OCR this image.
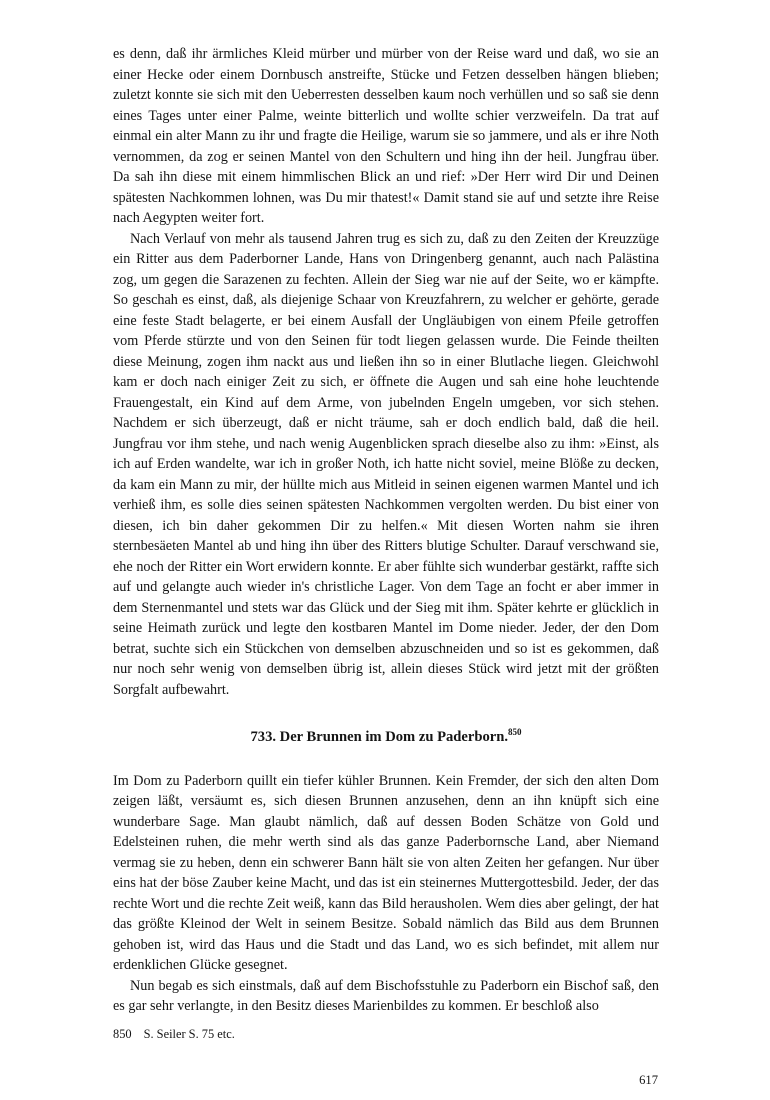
es denn, daß ihr ärmliches Kleid mürber und mürber von der Reise ward und daß, wo sie an einer Hecke oder einem Dornbusch anstreifte, Stücke und Fetzen desselben hängen blieben; zuletzt konnte sie sich mit den Ueberresten desselben kaum noch verhüllen und so saß sie denn eines Tages unter einer Palme, weinte bitterlich und wollte schier verzweifeln. Da trat auf einmal ein alter Mann zu ihr und fragte die Heilige, warum sie so jammere, und als er ihre Noth vernommen, da zog er seinen Mantel von den Schultern und hing ihn der heil. Jungfrau über. Da sah ihn diese mit einem himmlischen Blick an und rief: »Der Herr wird Dir und Deinen spätesten Nachkommen lohnen, was Du mir thatest!« Damit stand sie auf und setzte ihre Reise nach Aegypten weiter fort.

Nach Verlauf von mehr als tausend Jahren trug es sich zu, daß zu den Zeiten der Kreuzzüge ein Ritter aus dem Paderborner Lande, Hans von Dringenberg genannt, auch nach Palästina zog, um gegen die Sarazenen zu fechten. Allein der Sieg war nie auf der Seite, wo er kämpfte. So geschah es einst, daß, als diejenige Schaar von Kreuzfahrern, zu welcher er gehörte, gerade eine feste Stadt belagerte, er bei einem Ausfall der Ungläubigen von einem Pfeile getroffen vom Pferde stürzte und von den Seinen für todt liegen gelassen wurde. Die Feinde theilten diese Meinung, zogen ihm nackt aus und ließen ihn so in einer Blutlache liegen. Gleichwohl kam er doch nach einiger Zeit zu sich, er öffnete die Augen und sah eine hohe leuchtende Frauengestalt, ein Kind auf dem Arme, von jubelnden Engeln umgeben, vor sich stehen. Nachdem er sich überzeugt, daß er nicht träume, sah er doch endlich bald, daß die heil. Jungfrau vor ihm stehe, und nach wenig Augenblicken sprach dieselbe also zu ihm: »Einst, als ich auf Erden wandelte, war ich in großer Noth, ich hatte nicht soviel, meine Blöße zu decken, da kam ein Mann zu mir, der hüllte mich aus Mitleid in seinen eigenen warmen Mantel und ich verhieß ihm, es solle dies seinen spätesten Nachkommen vergolten werden. Du bist einer von diesen, ich bin daher gekommen Dir zu helfen.« Mit diesen Worten nahm sie ihren sternbesäeten Mantel ab und hing ihn über des Ritters blutige Schulter. Darauf verschwand sie, ehe noch der Ritter ein Wort erwidern konnte. Er aber fühlte sich wunderbar gestärkt, raffte sich auf und gelangte auch wieder in's christliche Lager. Von dem Tage an focht er aber immer in dem Sternenmantel und stets war das Glück und der Sieg mit ihm. Später kehrte er glücklich in seine Heimath zurück und legte den kostbaren Mantel im Dome nieder. Jeder, der den Dom betrat, suchte sich ein Stückchen von demselben abzuschneiden und so ist es gekommen, daß nur noch sehr wenig von demselben übrig ist, allein dieses Stück wird jetzt mit der größten Sorgfalt aufbewahrt.

733. Der Brunnen im Dom zu Paderborn.$^{850}$

Im Dom zu Paderborn quillt ein tiefer kühler Brunnen. Kein Fremder, der sich den alten Dom zeigen läßt, versäumt es, sich diesen Brunnen anzusehen, denn an ihn knüpft sich eine wunderbare Sage. Man glaubt nämlich, daß auf dessen Boden Schätze von Gold und Edelsteinen ruhen, die mehr werth sind als das ganze Paderbornsche Land, aber Niemand vermag sie zu heben, denn ein schwerer Bann hält sie von alten Zeiten her gefangen. Nur über eins hat der böse Zauber keine Macht, und das ist ein steinernes Muttergottesbild. Jeder, der das rechte Wort und die rechte Zeit weiß, kann das Bild herausholen. Wem dies aber gelingt, der hat das größte Kleinod der Welt in seinem Besitze. Sobald nämlich das Bild aus dem Brunnen gehoben ist, wird das Haus und die Stadt und das Land, wo es sich befindet, mit allem nur erdenklichen Glücke gesegnet.

Nun begab es sich einstmals, daß auf dem Bischofsstuhle zu Paderborn ein Bischof saß, den es gar sehr verlangte, in den Besitz dieses Marienbildes zu kommen. Er beschloß also

850 S. Seiler S. 75 etc.
617
